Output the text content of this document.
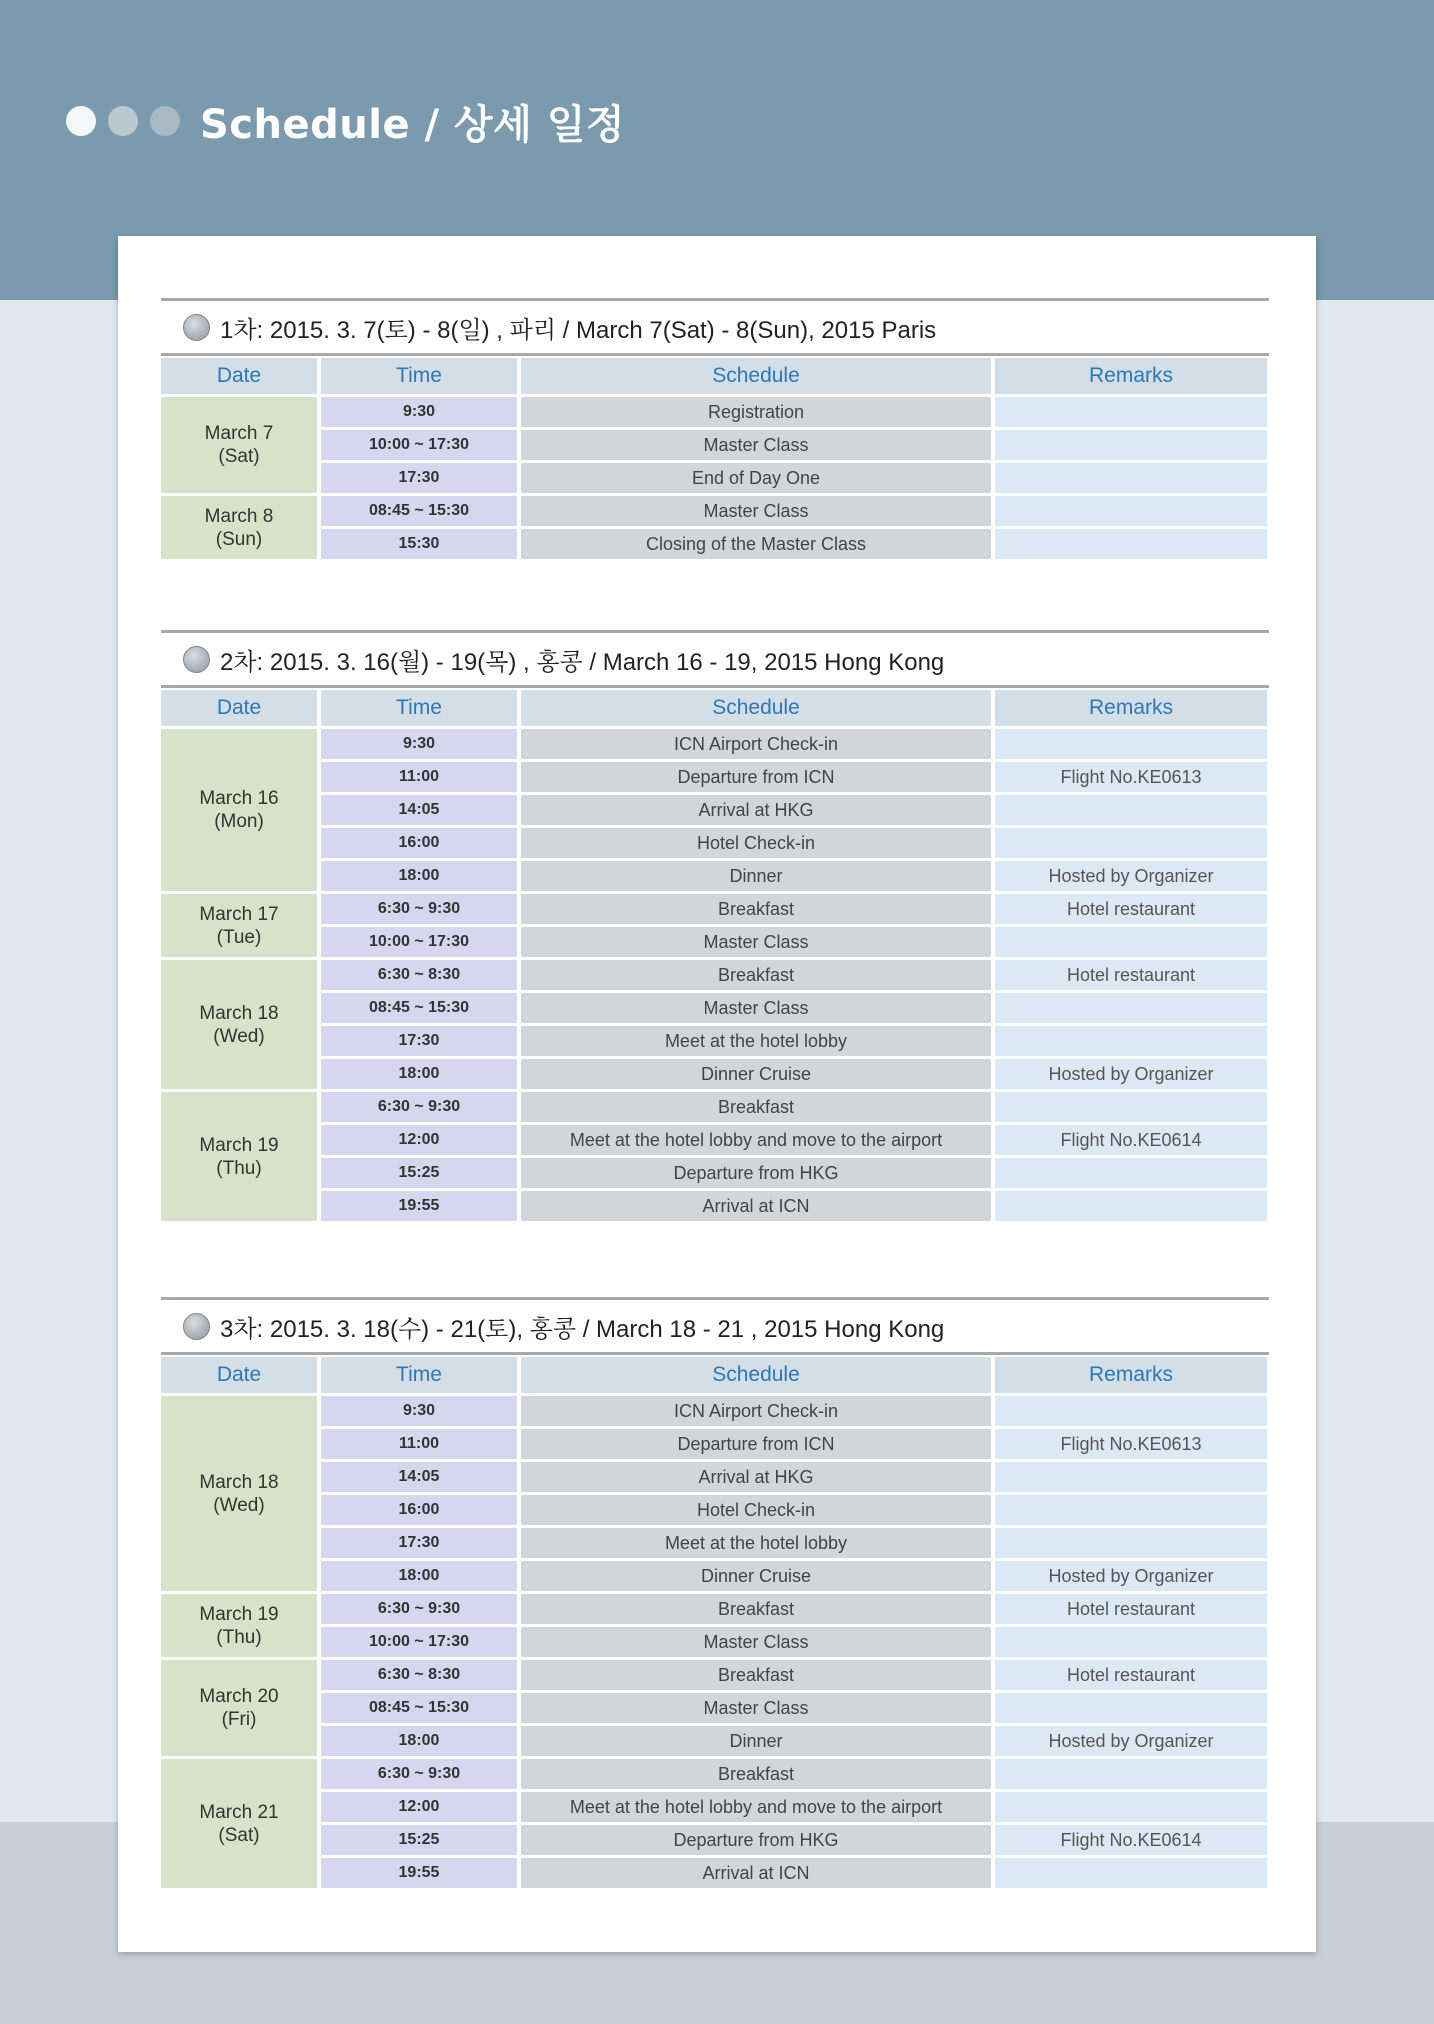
Schedule / 상세 일정
1차: 2015. 3. 7(토) - 8(일) , 파리 / March 7(Sat) - 8(Sun), 2015 Paris
Date	Time	Schedule	Remarks
March 7
(Sat)
9:30	Registration
10:00 ~ 17:30	Master Class
17:30	End of Day One
March 8
(Sun)
08:45 ~ 15:30	Master Class
15:30	Closing of the Master Class
2차: 2015. 3. 16(월) - 19(목) , 홍콩 / March 16 - 19, 2015 Hong Kong
Date	Time	Schedule	Remarks
March 16
(Mon)
9:30	ICN Airport Check-in
11:00	Departure from ICN	Flight No.KE0613
14:05	Arrival at HKG
16:00	Hotel Check-in
18:00	Dinner	Hosted by Organizer
March 17
(Tue)
6:30 ~ 9:30	Breakfast	Hotel restaurant
10:00 ~ 17:30	Master Class
March 18
(Wed)
6:30 ~ 8:30	Breakfast	Hotel restaurant
08:45 ~ 15:30	Master Class
17:30	Meet at the hotel lobby
18:00	Dinner Cruise	Hosted by Organizer
March 19
(Thu)
6:30 ~ 9:30	Breakfast
12:00	Meet at the hotel lobby and move to the airport	Flight No.KE0614
15:25	Departure from HKG
19:55	Arrival at ICN
3차: 2015. 3. 18(수) - 21(토), 홍콩 / March 18 - 21 , 2015 Hong Kong
Date	Time	Schedule	Remarks
March 18
(Wed)
9:30	ICN Airport Check-in
11:00	Departure from ICN	Flight No.KE0613
14:05	Arrival at HKG
16:00	Hotel Check-in
17:30	Meet at the hotel lobby
18:00	Dinner Cruise	Hosted by Organizer
March 19
(Thu)
6:30 ~ 9:30	Breakfast	Hotel restaurant
10:00 ~ 17:30	Master Class
March 20
(Fri)
6:30 ~ 8:30	Breakfast	Hotel restaurant
08:45 ~ 15:30	Master Class
18:00	Dinner	Hosted by Organizer
March 21
(Sat)
6:30 ~ 9:30	Breakfast
12:00	Meet at the hotel lobby and move to the airport
15:25	Departure from HKG	Flight No.KE0614
19:55	Arrival at ICN
